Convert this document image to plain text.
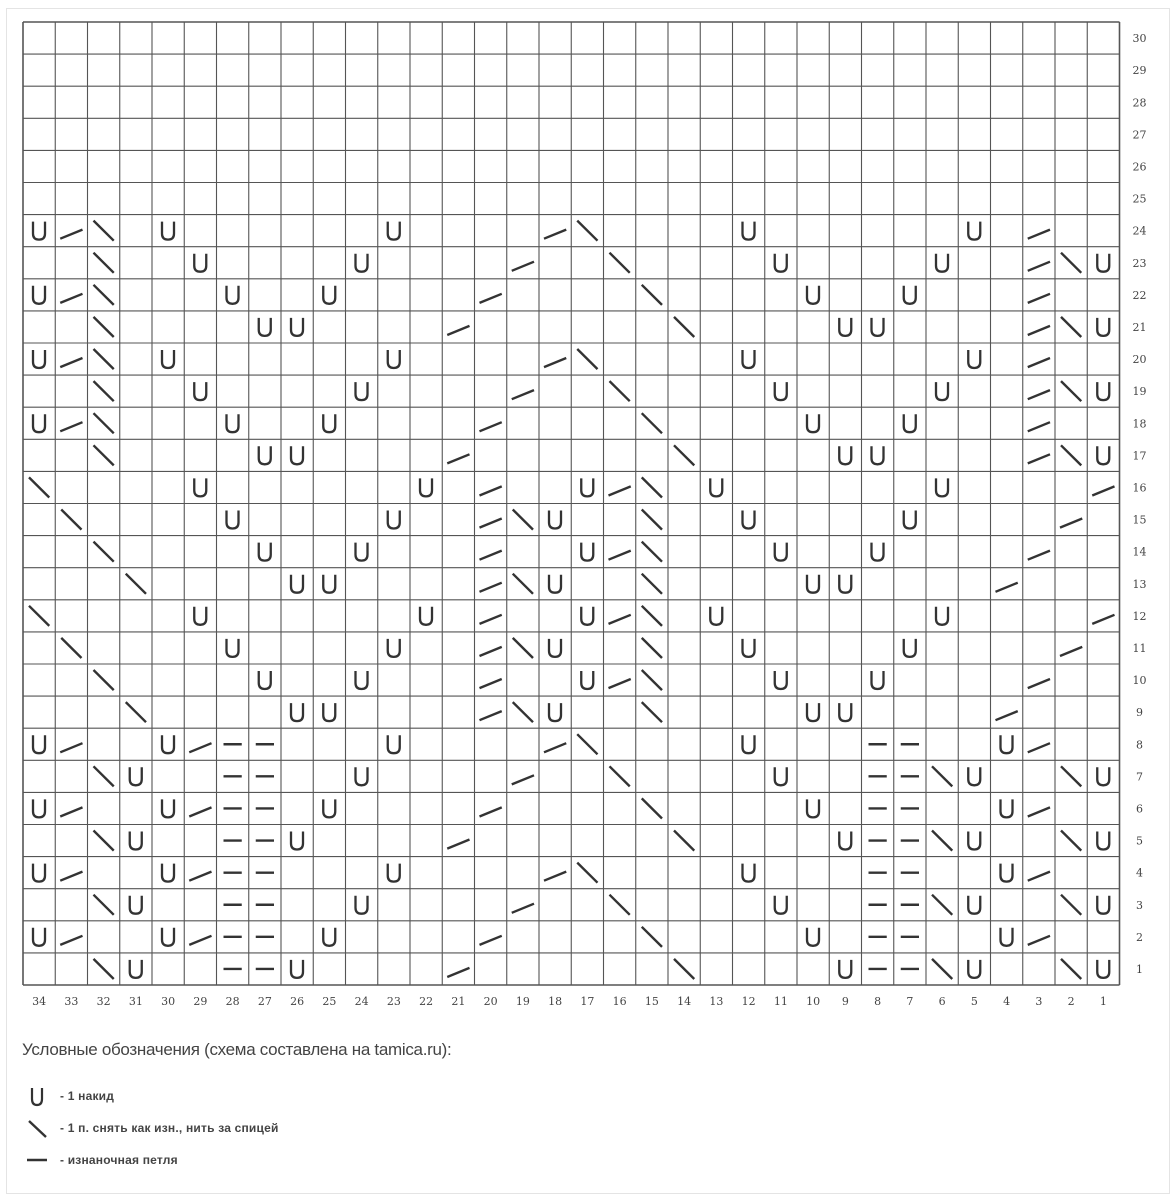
34 33 32 31 30 29 28 27 26 25 24 23 22 21 20 19 18 17 16 15 14 13 12 11 10 9 8 7 6 5 4 3 2 1
30
29
28
27
26
25
24
23
22
21
20
19
18
17
16
15
14
13
12
11
10
9
8
7
6
5
4
3
2
1
Условные обозначения (схема составлена на tamica.ru):
- 1 накид
- 1 п. снять как изн., нить за спицей
- изнаночная петля
